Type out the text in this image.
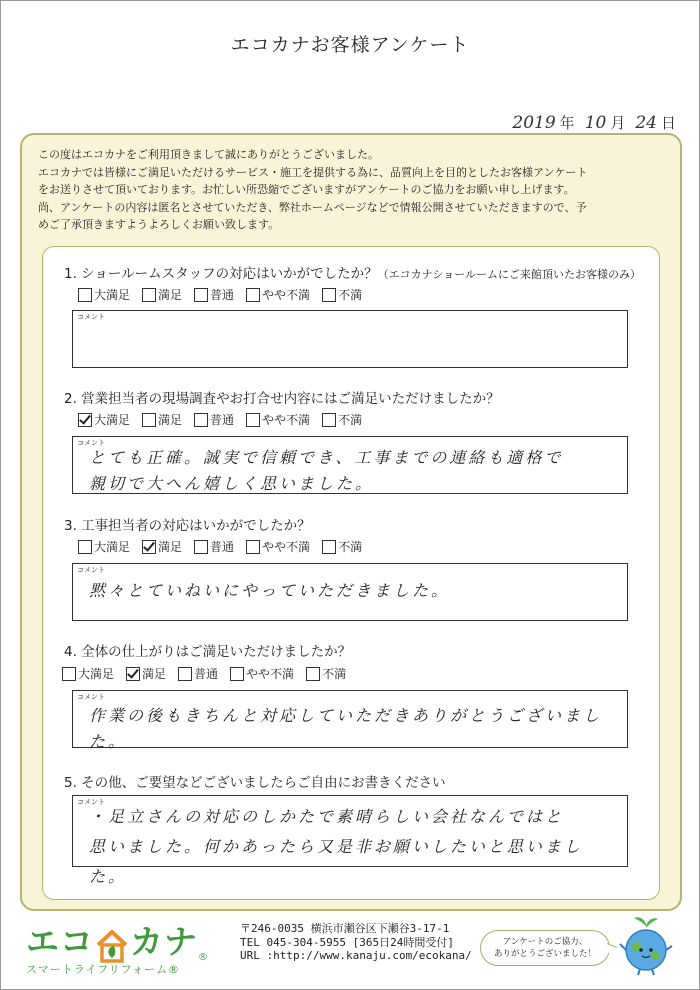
エコカナお客様アンケート
2019 年 10 月 24 日
この度はエコカナをご利用頂きまして誠にありがとうございました。
エコカナでは皆様にご満足いただけるサービス・施工を提供する為に、品質向上を目的としたお客様アンケート
をお送りさせて頂いております。お忙しい所恐縮でございますがアンケートのご協力をお願い申し上げます。
尚、アンケートの内容は匿名とさせていただき、弊社ホームページなどで情報公開させていただきますので、予
めご了承頂きますようよろしくお願い致します。
1. ショールームスタッフの対応はいかがでしたか？（エコカナショールームにご来館頂いたお客様のみ）
大満足 満足 普通 やや不満 不満
コメント
2. 営業担当者の現場調査やお打合せ内容にはご満足いただけましたか？
大満足 満足 普通 やや不満 不満
コメント
とても正確。誠実で信頼でき、工事までの連絡も適格で
親切で大へん嬉しく思いました。
3. 工事担当者の対応はいかがでしたか？
大満足 満足 普通 やや不満 不満
コメント
黙々とていねいにやっていただきました。
4. 全体の仕上がりはご満足いただけましたか？
大満足 満足 普通 やや不満 不満
コメント
作業の後もきちんと対応していただきありがとうございました。
5. その他、ご要望などございましたらご自由にお書きください
コメント
・足立さんの対応のしかたで素晴らしい会社なんではと
思いました。何かあったら又是非お願いしたいと思いました。
エコ カナ ®
スマートライフリフォーム®
〒246-0035 横浜市瀬谷区下瀬谷3-17-1
TEL 045-304-5955 [365日24時間受付]
URL :http://www.kanaju.com/ecokana/
アンケートのご協力、
ありがとうございました！
